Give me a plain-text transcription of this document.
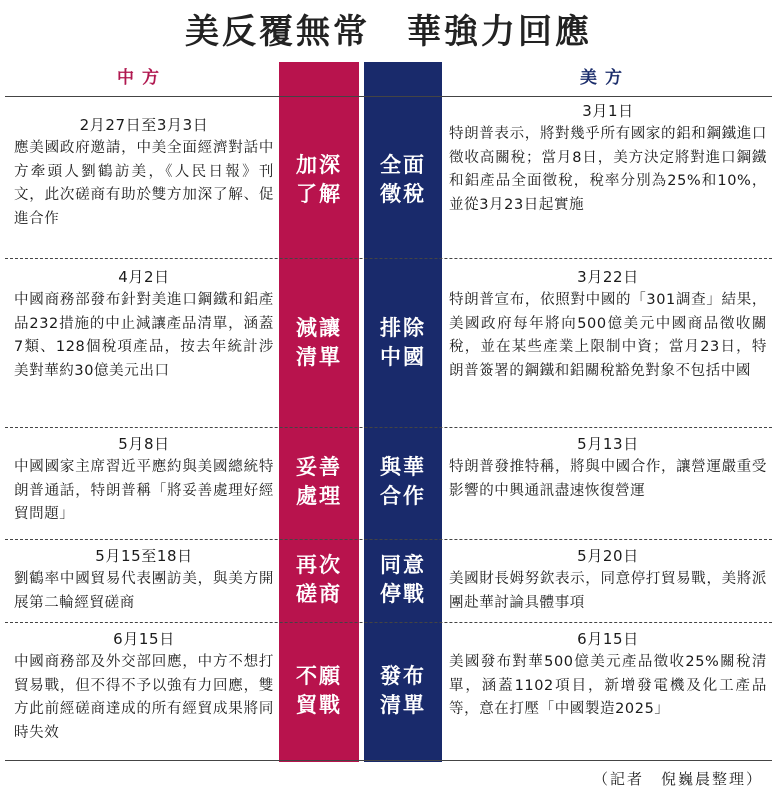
美反覆無常　華強力回應
中方	美方
2月27日至3月3日
應美國政府邀請，中美全面經濟對話中方牽頭人劉鶴訪美，《人民日報》刊文，此次磋商有助於雙方加深了解、促進合作
加深
了解
全面
徵稅
3月1日
特朗普表示，將對幾乎所有國家的鋁和鋼鐵進口徵收高關稅；當月8日，美方決定將對進口鋼鐵和鋁產品全面徵稅，稅率分別為25%和10%，並從3月23日起實施
4月2日
中國商務部發布針對美進口鋼鐵和鋁產品232措施的中止減讓產品清單，涵蓋7類、128個稅項產品，按去年統計涉美對華約30億美元出口
減讓
清單
排除
中國
3月22日
特朗普宣布，依照對中國的「301調查」結果，美國政府每年將向500億美元中國商品徵收關稅，並在某些產業上限制中資；當月23日，特朗普簽署的鋼鐵和鋁關稅豁免對象不包括中國
5月8日
中國國家主席習近平應約與美國總統特朗普通話，特朗普稱「將妥善處理好經貿問題」
妥善
處理
與華
合作
5月13日
特朗普發推特稱，將與中國合作，讓營運嚴重受影響的中興通訊盡速恢復營運
5月15至18日
劉鶴率中國貿易代表團訪美，與美方開展第二輪經貿磋商
再次
磋商
同意
停戰
5月20日
美國財長姆努欽表示，同意停打貿易戰，美將派團赴華討論具體事項
6月15日
中國商務部及外交部回應，中方不想打貿易戰，但不得不予以強有力回應，雙方此前經磋商達成的所有經貿成果將同時失效
不願
貿戰
發布
清單
6月15日
美國發布對華500億美元產品徵收25%關稅清單，涵蓋1102項目，新增發電機及化工產品等，意在打壓「中國製造2025」
（記者　倪巍晨整理）
